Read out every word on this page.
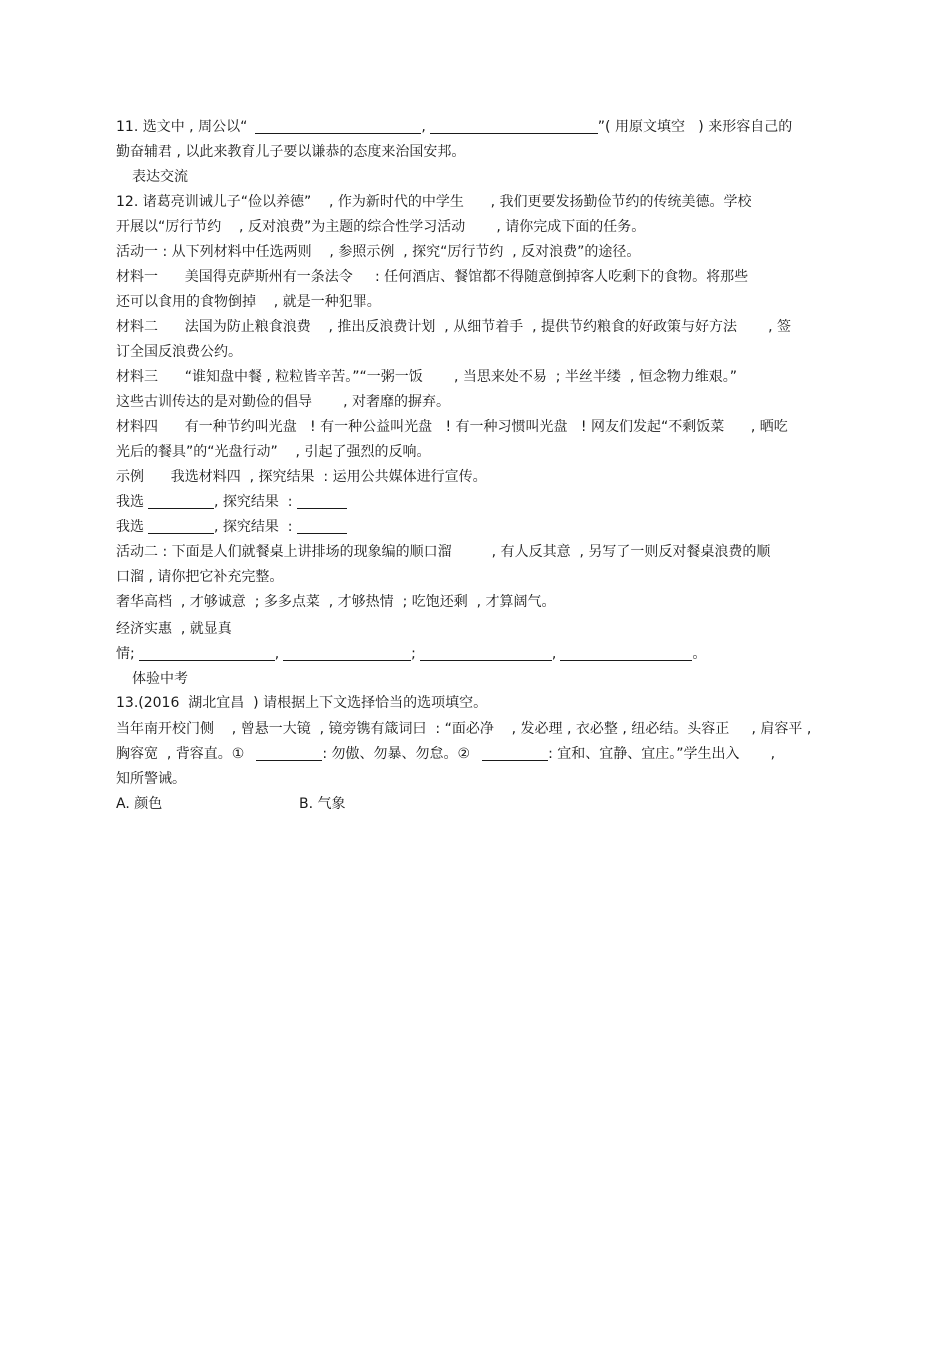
11. 选文中 , 周公以“	,	”( 用原文填空   ) 来形容自己的
勤奋辅君 , 以此来教育儿子要以谦恭的态度来治国安邦。
表达交流
12. 诸葛亮训诫儿子“俭以养德”    , 作为新时代的中学生      , 我们更要发扬勤俭节约的传统美德。学校
开展以“厉行节约    , 反对浪费”为主题的综合性学习活动       , 请你完成下面的任务。
活动一 : 从下列材料中任选两则    , 参照示例  , 探究“厉行节约  , 反对浪费”的途径。
材料一      美国得克萨斯州有一条法令     : 任何酒店、餐馆都不得随意倒掉客人吃剩下的食物。将那些
还可以食用的食物倒掉    , 就是一种犯罪。
材料二      法国为防止粮食浪费    , 推出反浪费计划  , 从细节着手  , 提供节约粮食的好政策与好方法       , 签
订全国反浪费公约。
材料三      “谁知盘中餐 , 粒粒皆辛苦。”“一粥一饭       , 当思来处不易  ; 半丝半缕  , 恒念物力维艰。”
这些古训传达的是对勤俭的倡导       , 对奢靡的摒弃。
材料四      有一种节约叫光盘   ! 有一种公益叫光盘   ! 有一种习惯叫光盘   ! 网友们发起“不剩饭菜      , 晒吃
光后的餐具”的“光盘行动”    , 引起了强烈的反响。
示例      我选材料四  , 探究结果  : 运用公共媒体进行宣传。
我选	, 探究结果  :
我选	, 探究结果  :
活动二 : 下面是人们就餐桌上讲排场的现象编的顺口溜         , 有人反其意  , 另写了一则反对餐桌浪费的顺
口溜 , 请你把它补充完整。
奢华高档  , 才够诚意  ; 多多点菜  , 才够热情  ; 吃饱还剩  , 才算阔气。
经济实惠  , 就显真
情;	,	;	,	。
体验中考
13.(2016  湖北宜昌  ) 请根据上下文选择恰当的选项填空。
当年南开校门侧    , 曾悬一大镜  , 镜旁镌有箴词曰  : “面必净    , 发必理 , 衣必整 , 纽必结。头容正     , 肩容平 ,
胸容宽  , 背容直。①	: 勿傲、勿暴、勿怠。②	: 宜和、宜静、宜庄。”学生出入       ,
知所警诫。
A. 颜色	B. 气象
